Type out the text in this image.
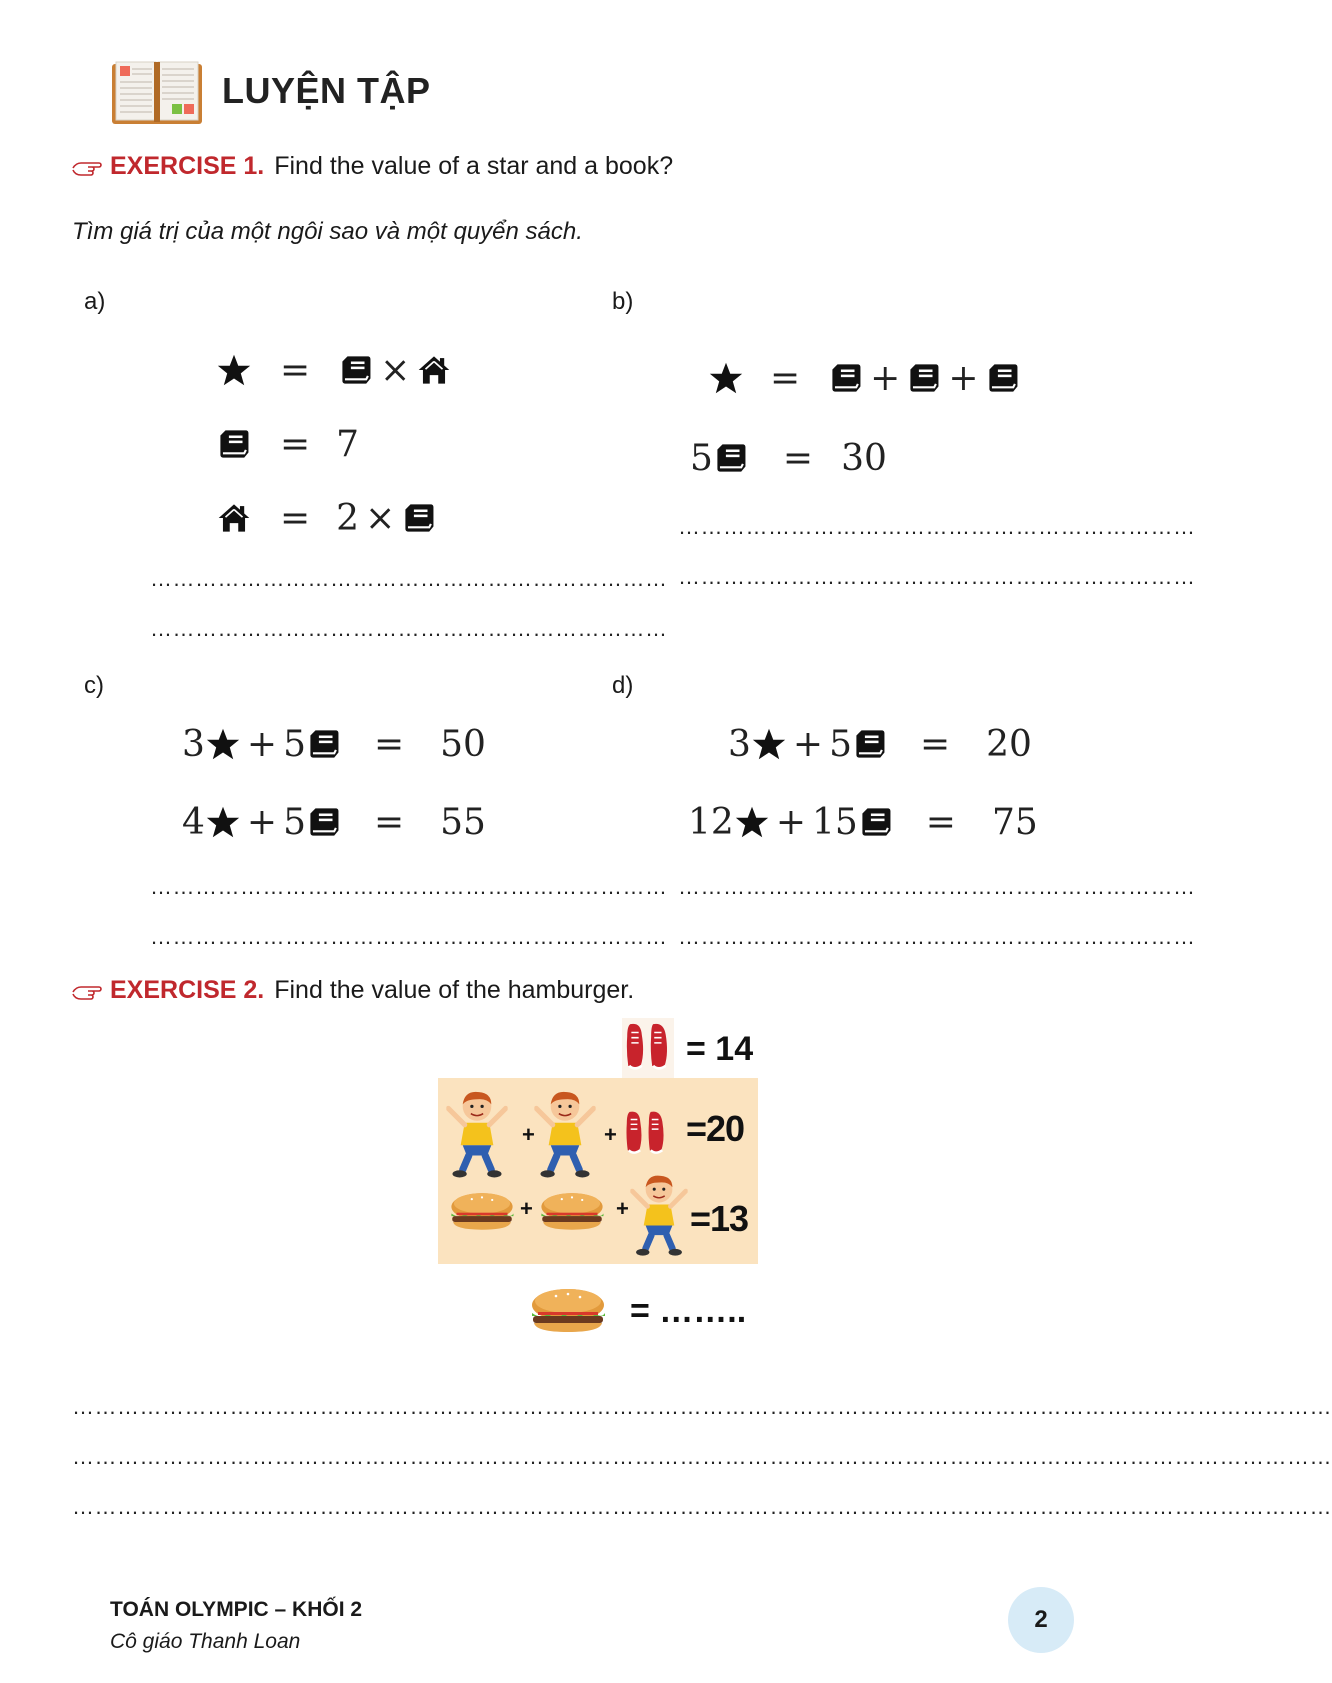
LUYỆN TẬP
EXERCISE 1. Find the value of a star and a book?
Tìm giá trị của một ngôi sao và một quyển sách.
a)	b)
c)	d)
= ×
= 7
= 2 ×
……………………………………………………………
……………………………………………………………
= + +
5 = 30
……………………………………………………………
……………………………………………………………
3 + 5 = 50
4 + 5 = 55
……………………………………………………………
……………………………………………………………
3 + 5 = 20
12 + 15 = 75
……………………………………………………………
……………………………………………………………
EXERCISE 2. Find the value of the hamburger.
= 14
+	+ =20
+	+ =13
= ……..
……………………………………………………………………………………………………………………………………………………
……………………………………………………………………………………………………………………………………………………
……………………………………………………………………………………………………………………………………………………
TOÁN OLYMPIC – KHỐI 2
Cô giáo Thanh Loan
2
